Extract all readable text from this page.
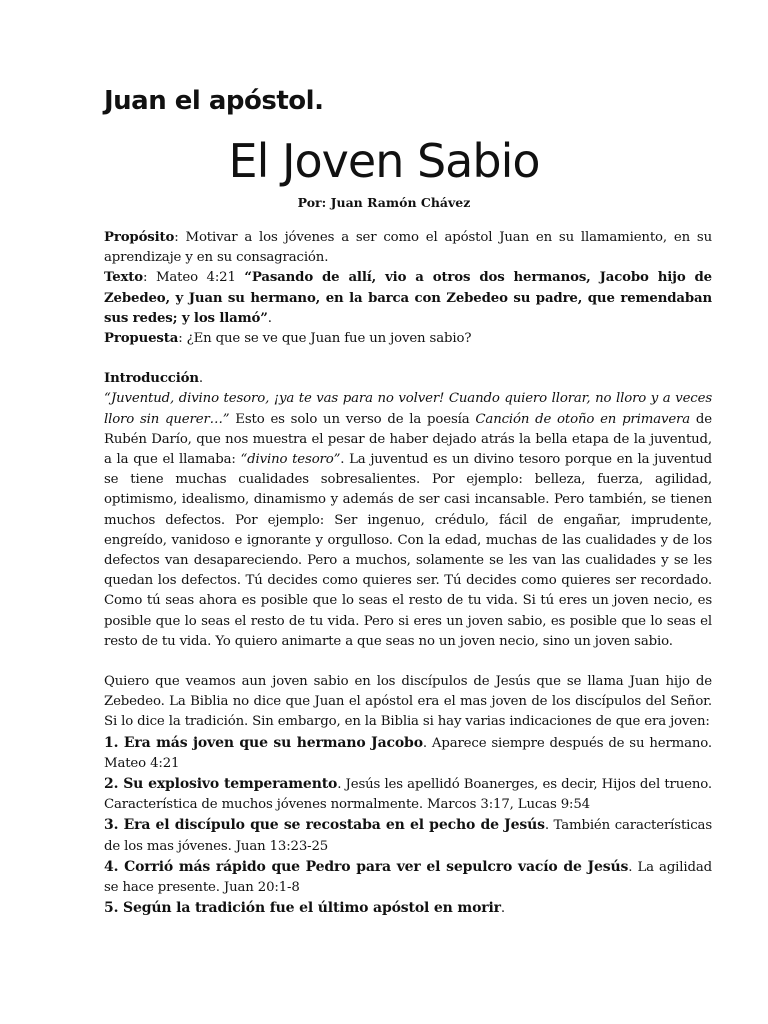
Juan el apóstol.
El Joven Sabio
Por: Juan Ramón Chávez

Propósito: Motivar a los jóvenes a ser como el apóstol Juan en su llamamiento, en su aprendizaje y en su consagración.

Texto: Mateo 4:21 “Pasando de allí, vio a otros dos hermanos, Jacobo hijo de Zebedeo, y Juan su hermano, en la barca con Zebedeo su padre, que remendaban sus redes; y los llamó”.

Propuesta: ¿En que se ve que Juan fue un joven sabio?

Introducción.

“Juventud, divino tesoro, ¡ya te vas para no volver! Cuando quiero llorar, no lloro y a veces lloro sin querer…” Esto es solo un verso de la poesía Canción de otoño en primavera de Rubén Darío, que nos muestra el pesar de haber dejado atrás la bella etapa de la juventud, a la que el llamaba: “divino tesoro”. La juventud es un divino tesoro porque en la juventud se tiene muchas cualidades sobresalientes. Por ejemplo: belleza, fuerza, agilidad, optimismo, idealismo, dinamismo y además de ser casi incansable. Pero también, se tienen muchos defectos. Por ejemplo: Ser ingenuo, crédulo, fácil de engañar, imprudente, engreído, vanidoso e ignorante y orgulloso. Con la edad, muchas de las cualidades y de los defectos van desapareciendo. Pero a muchos, solamente se les van las cualidades y se les quedan los defectos. Tú decides como quieres ser. Tú decides como quieres ser recordado. Como tú seas ahora es posible que lo seas el resto de tu vida. Si tú eres un joven necio, es posible que lo seas el resto de tu vida. Pero si eres un joven sabio, es posible que lo seas el resto de tu vida. Yo quiero animarte a que seas no un joven necio, sino un joven sabio.

Quiero que veamos aun joven sabio en los discípulos de Jesús que se llama Juan hijo de Zebedeo. La Biblia no dice que Juan el apóstol era el mas joven de los discípulos del Señor. Si lo dice la tradición. Sin embargo, en la Biblia si hay varias indicaciones de que era joven:

1. Era más joven que su hermano Jacobo. Aparece siempre después de su hermano. Mateo 4:21

2. Su explosivo temperamento. Jesús les apellidó Boanerges, es decir, Hijos del trueno. Característica de muchos jóvenes normalmente. Marcos 3:17, Lucas 9:54

3. Era el discípulo que se recostaba en el pecho de Jesús. También características de los mas jóvenes. Juan 13:23-25

4. Corrió más rápido que Pedro para ver el sepulcro vacío de Jesús. La agilidad se hace presente. Juan 20:1-8

5. Según la tradición fue el último apóstol en morir.
